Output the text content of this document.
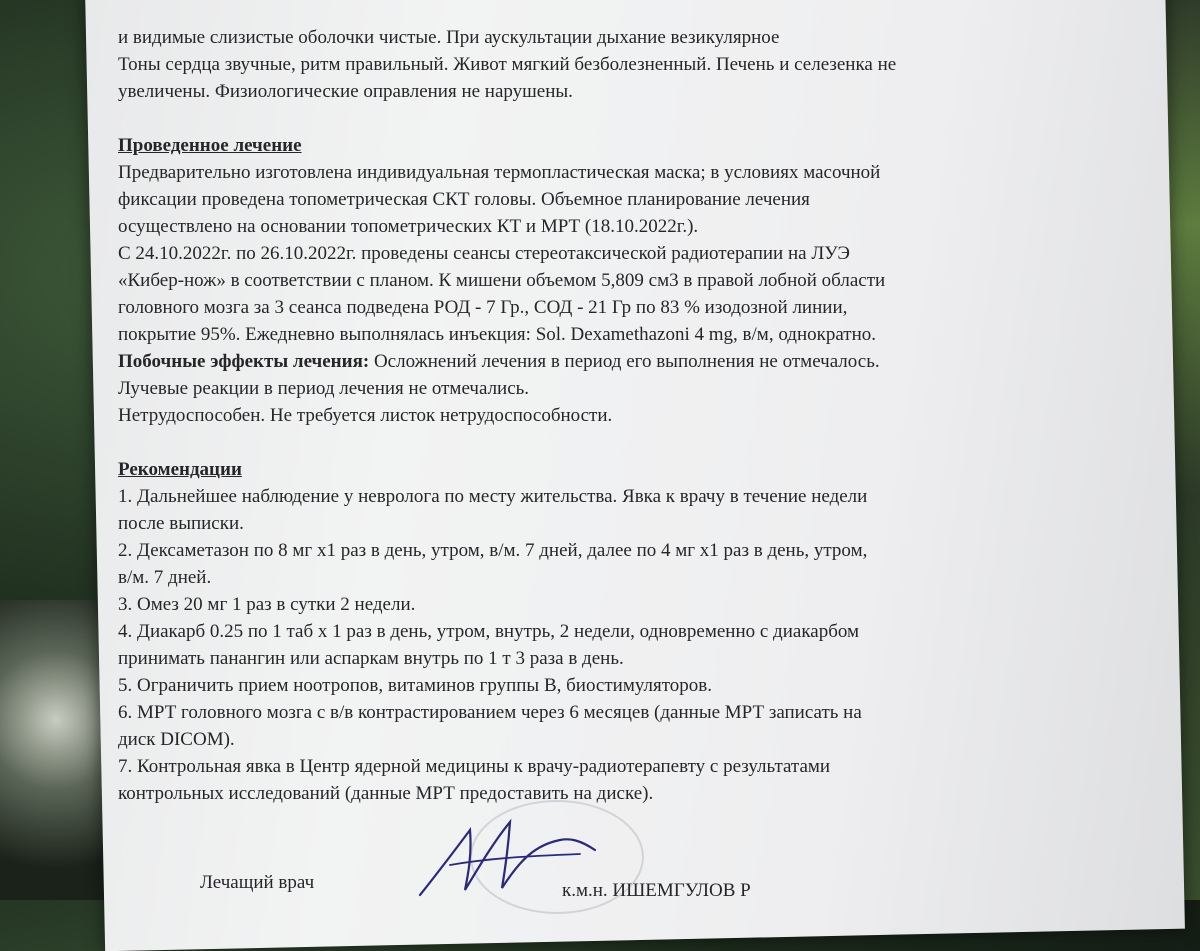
и видимые слизистые оболочки чистые. При аускультации дыхание везикулярное
Тоны сердца звучные, ритм правильный. Живот мягкий безболезненный. Печень и селезенка не
увеличены. Физиологические оправления не нарушены.
Проведенное лечение
Предварительно изготовлена индивидуальная термопластическая маска; в условиях масочной
фиксации проведена топометрическая СКТ головы. Объемное планирование лечения
осуществлено на основании топометрических КТ и МРТ (18.10.2022г.).
С 24.10.2022г. по 26.10.2022г. проведены сеансы стереотаксической радиотерапии на ЛУЭ
«Кибер-нож» в соответствии с планом. К мишени объемом 5,809 см3 в правой лобной области
головного мозга за 3 сеанса подведена РОД - 7 Гр., СОД - 21 Гр по 83 % изодозной линии,
покрытие 95%. Ежедневно выполнялась инъекция: Sol. Dexamethazoni 4 mg, в/м, однократно.
Побочные эффекты лечения: Осложнений лечения в период его выполнения не отмечалось.
Лучевые реакции в период лечения не отмечались.
Нетрудоспособен. Не требуется листок нетрудоспособности.
Рекомендации
1. Дальнейшее наблюдение у невролога по месту жительства. Явка к врачу в течение недели
после выписки.
2. Дексаметазон по 8 мг х1 раз в день, утром, в/м. 7 дней, далее по 4 мг х1 раз в день, утром,
в/м. 7 дней.
3. Омез 20 мг 1 раз в сутки 2 недели.
4. Диакарб 0.25 по 1 таб х 1 раз в день, утром, внутрь, 2 недели, одновременно с диакарбом
принимать панангин или аспаркам внутрь по 1 т 3 раза в день.
5. Ограничить прием ноотропов, витаминов группы В, биостимуляторов.
6. МРТ головного мозга с в/в контрастированием через 6 месяцев (данные МРТ записать на
диск DICOM).
7. Контрольная явка в Центр ядерной медицины к врачу-радиотерапевту с результатами
контрольных исследований (данные МРТ предоставить на диске).
Лечащий врач	к.м.н. ИШЕМГУЛОВ Р
